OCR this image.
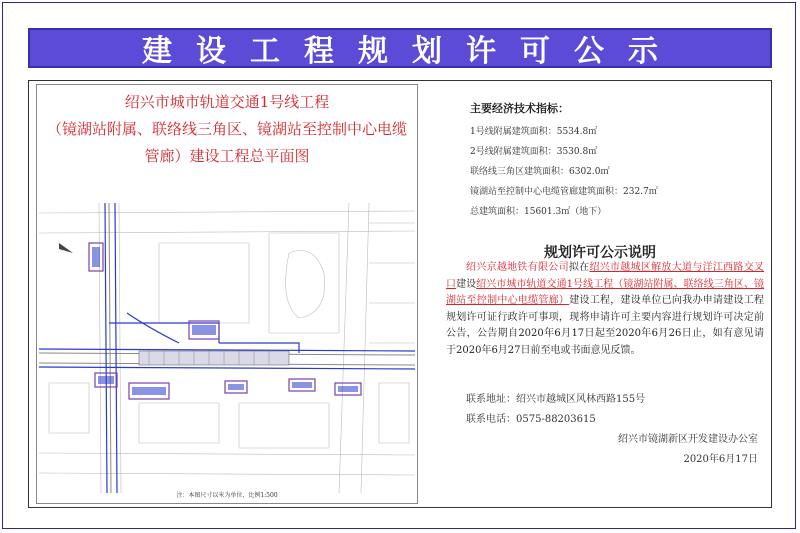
建设工程规划许可公示
绍兴市城市轨道交通1号线工程
（镜湖站附属、联络线三角区、镜湖站至控制中心电缆
管廊）建设工程总平面图
注：本图尺寸以米为单位，比例1:500
主要经济技术指标：
1号线附属建筑面积：5534.8㎡
2号线附属建筑面积：3530.8㎡
联络线三角区建筑面积：6302.0㎡
镜湖站至控制中心电缆管廊建筑面积：232.7㎡
总建筑面积：15601.3㎡（地下）
规划许可公示说明
绍兴京越地铁有限公司拟在绍兴市越城区解放大道与洋江西路交叉口建设绍兴市城市轨道交通1号线工程（镜湖站附属、联络线三角区、镜湖站至控制中心电缆管廊）建设工程，建设单位已向我办申请建设工程规划许可证行政许可事项，现将申请许可主要内容进行规划许可决定前公告，公告期自2020年6月17日起至2020年6月26日止，如有意见请于2020年6月27日前至电或书面意见反馈。
联系地址：绍兴市越城区风林西路155号
联系电话：0575-88203615
绍兴市镜湖新区开发建设办公室
2020年6月17日
